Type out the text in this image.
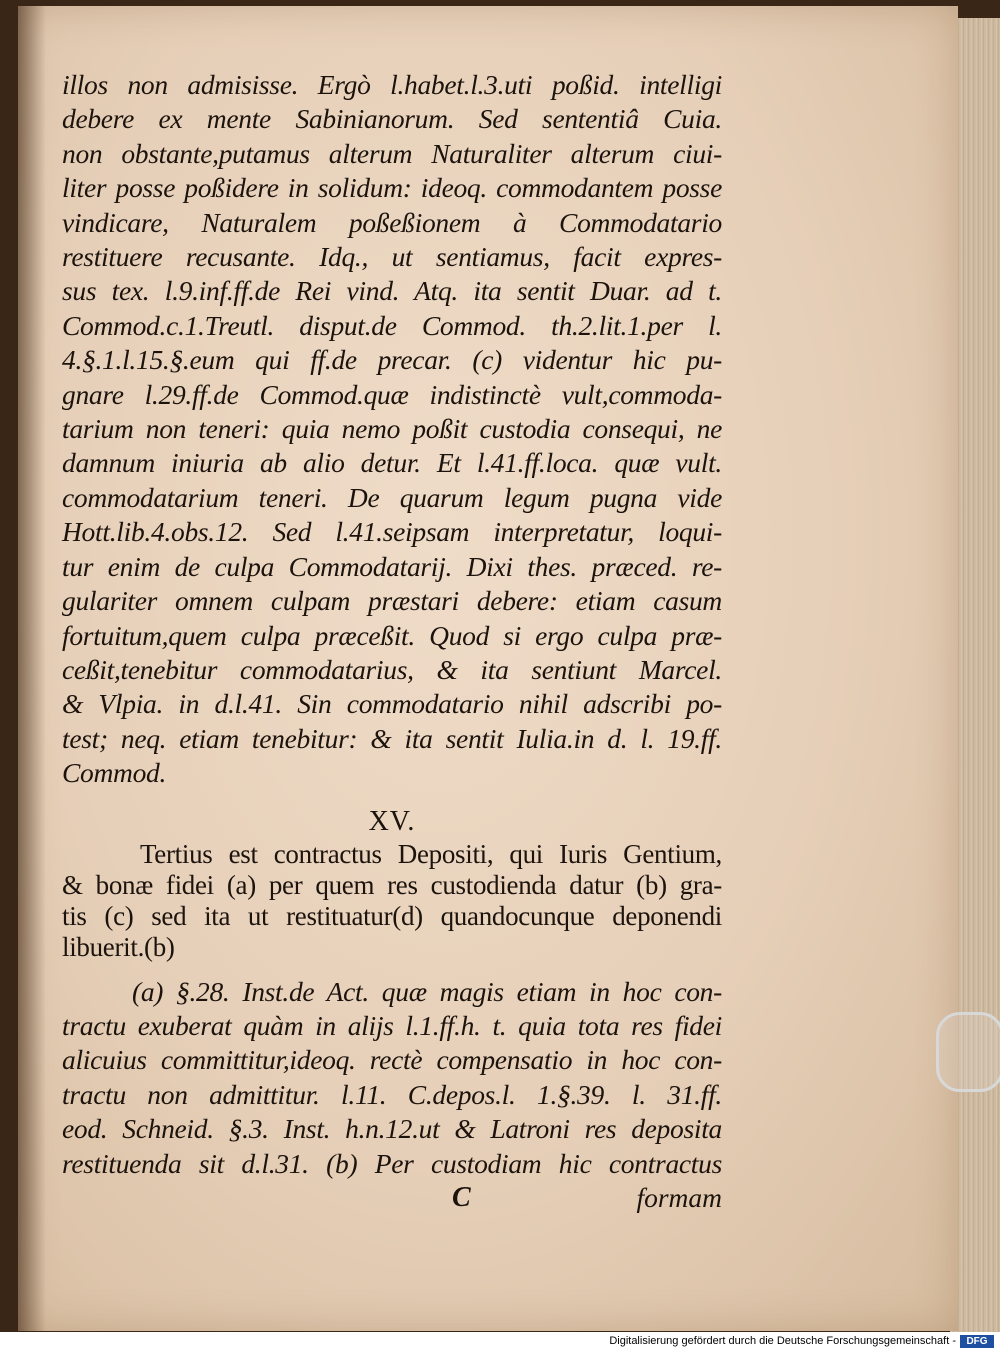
illos non admisisse. Ergò l.habet.l.3.uti poßid. intelligi
debere ex mente Sabinianorum. Sed sententiâ Cuia.
non obstante,putamus alterum Naturaliter alterum ciui-
liter posse poßidere in solidum: ideoq. commodantem posse
vindicare, Naturalem poßeßionem à Commodatario
restituere recusante. Idq., ut sentiamus, facit expres-
sus tex. l.9.inf.ff.de Rei vind. Atq. ita sentit Duar. ad t.
Commod.c.1.Treutl. disput.de Commod. th.2.lit.1.per l.
4.§.1.l.15.§.eum qui ff.de precar. (c) videntur hic pu-
gnare l.29.ff.de Commod.quæ indistinctè vult,commoda-
tarium non teneri: quia nemo poßit custodia consequi, ne
damnum iniuria ab alio detur. Et l.41.ff.loca. quæ vult.
commodatarium teneri. De quarum legum pugna vide
Hott.lib.4.obs.12. Sed l.41.seipsam interpretatur, loqui-
tur enim de culpa Commodatarij. Dixi thes. præced. re-
gulariter omnem culpam præstari debere: etiam casum
fortuitum,quem culpa præceßit. Quod si ergo culpa præ-
ceßit,tenebitur commodatarius, & ita sentiunt Marcel.
& Vlpia. in d.l.41. Sin commodatario nihil adscribi po-
test; neq. etiam tenebitur: & ita sentit Iulia.in d. l. 19.ff.
Commod.
XV.
Tertius est contractus Depositi, qui Iuris Gentium,
& bonæ fidei (a) per quem res custodienda datur (b) gra-
tis (c) sed ita ut restituatur(d) quandocunque deponendi
libuerit.(b)
(a) §.28. Inst.de Act. quæ magis etiam in hoc con-
tractu exuberat quàm in alijs l.1.ff.h. t. quia tota res fidei
alicuius committitur,ideoq. rectè compensatio in hoc con-
tractu non admittitur. l.11. C.depos.l. 1.§.39. l. 31.ff.
eod. Schneid. §.3. Inst. h.n.12.ut & Latroni res deposita
restituenda sit d.l.31. (b) Per custodiam hic contractus
C	formam
Digitalisierung gefördert durch die Deutsche Forschungsgemeinschaft -	DFG
